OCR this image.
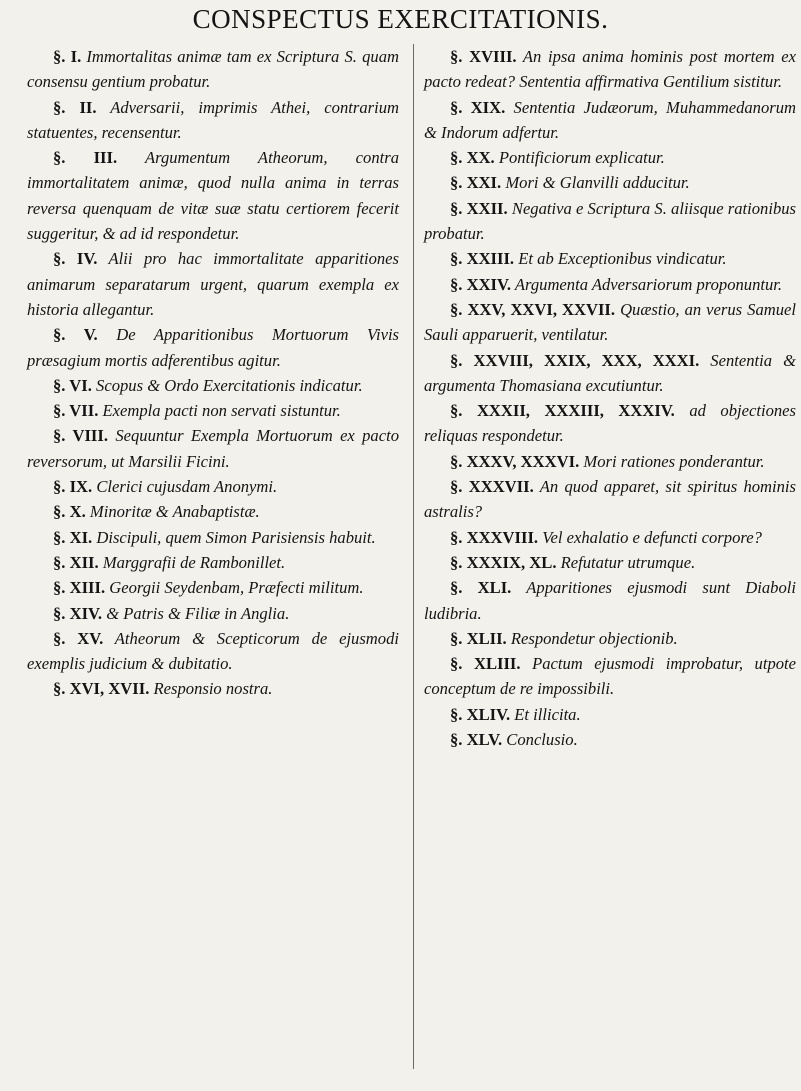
CONSPECTUS EXERCITATIONIS.

§. I. Immortalitas animæ tam ex Scriptura S. quam consensu gentium probatur.

§. II. Adversarii, imprimis Athei, contrarium statuentes, recensentur.

§. III. Argumentum Atheorum, contra immortalitatem animæ, quod nulla anima in terras reversa quenquam de vitæ suæ statu certiorem fecerit suggeritur, & ad id respondetur.

§. IV. Alii pro hac immortalitate apparitiones animarum separatarum urgent, quarum exempla ex historia allegantur.

§. V. De Apparitionibus Mortuorum Vivis præsagium mortis adferentibus agitur.

§. VI. Scopus & Ordo Exercitationis indicatur.

§. VII. Exempla pacti non servati sistuntur.

§. VIII. Sequuntur Exempla Mortuorum ex pacto reversorum, ut Marsilii Ficini.

§. IX. Clerici cujusdam Anonymi.

§. X. Minoritæ & Anabaptistæ.

§. XI. Discipuli, quem Simon Parisiensis habuit.

§. XII. Marggrafii de Rambonillet.

§. XIII. Georgii Seydenbam, Præfecti militum.

§. XIV. & Patris & Filiæ in Anglia.

§. XV. Atheorum & Scepticorum de ejusmodi exemplis judicium & dubitatio.

§. XVI, XVII. Responsio nostra.

§. XVIII. An ipsa anima hominis post mortem ex pacto redeat? Sententia affirmativa Gentilium sistitur.

§. XIX. Sententia Judæorum, Muhammedanorum & Indorum adfertur.

§. XX. Pontificiorum explicatur.

§. XXI. Mori & Glanvilli adducitur.

§. XXII. Negativa e Scriptura S. aliisque rationibus probatur.

§. XXIII. Et ab Exceptionibus vindicatur.

§. XXIV. Argumenta Adversariorum proponuntur.

§. XXV, XXVI, XXVII. Quæstio, an verus Samuel Sauli apparuerit, ventilatur.

§. XXVIII, XXIX, XXX, XXXI. Sententia & argumenta Thomasiana excutiuntur.

§. XXXII, XXXIII, XXXIV. ad objectiones reliquas respondetur.

§. XXXV, XXXVI. Mori rationes ponderantur.

§. XXXVII. An quod apparet, sit spiritus hominis astralis?

§. XXXVIII. Vel exhalatio e defuncti corpore?

§. XXXIX, XL. Refutatur utrumque.

§. XLI. Apparitiones ejusmodi sunt Diaboli ludibria.

§. XLII. Respondetur objectionib.

§. XLIII. Pactum ejusmodi improbatur, utpote conceptum de re impossibili.

§. XLIV. Et illicita.

§. XLV. Conclusio.
